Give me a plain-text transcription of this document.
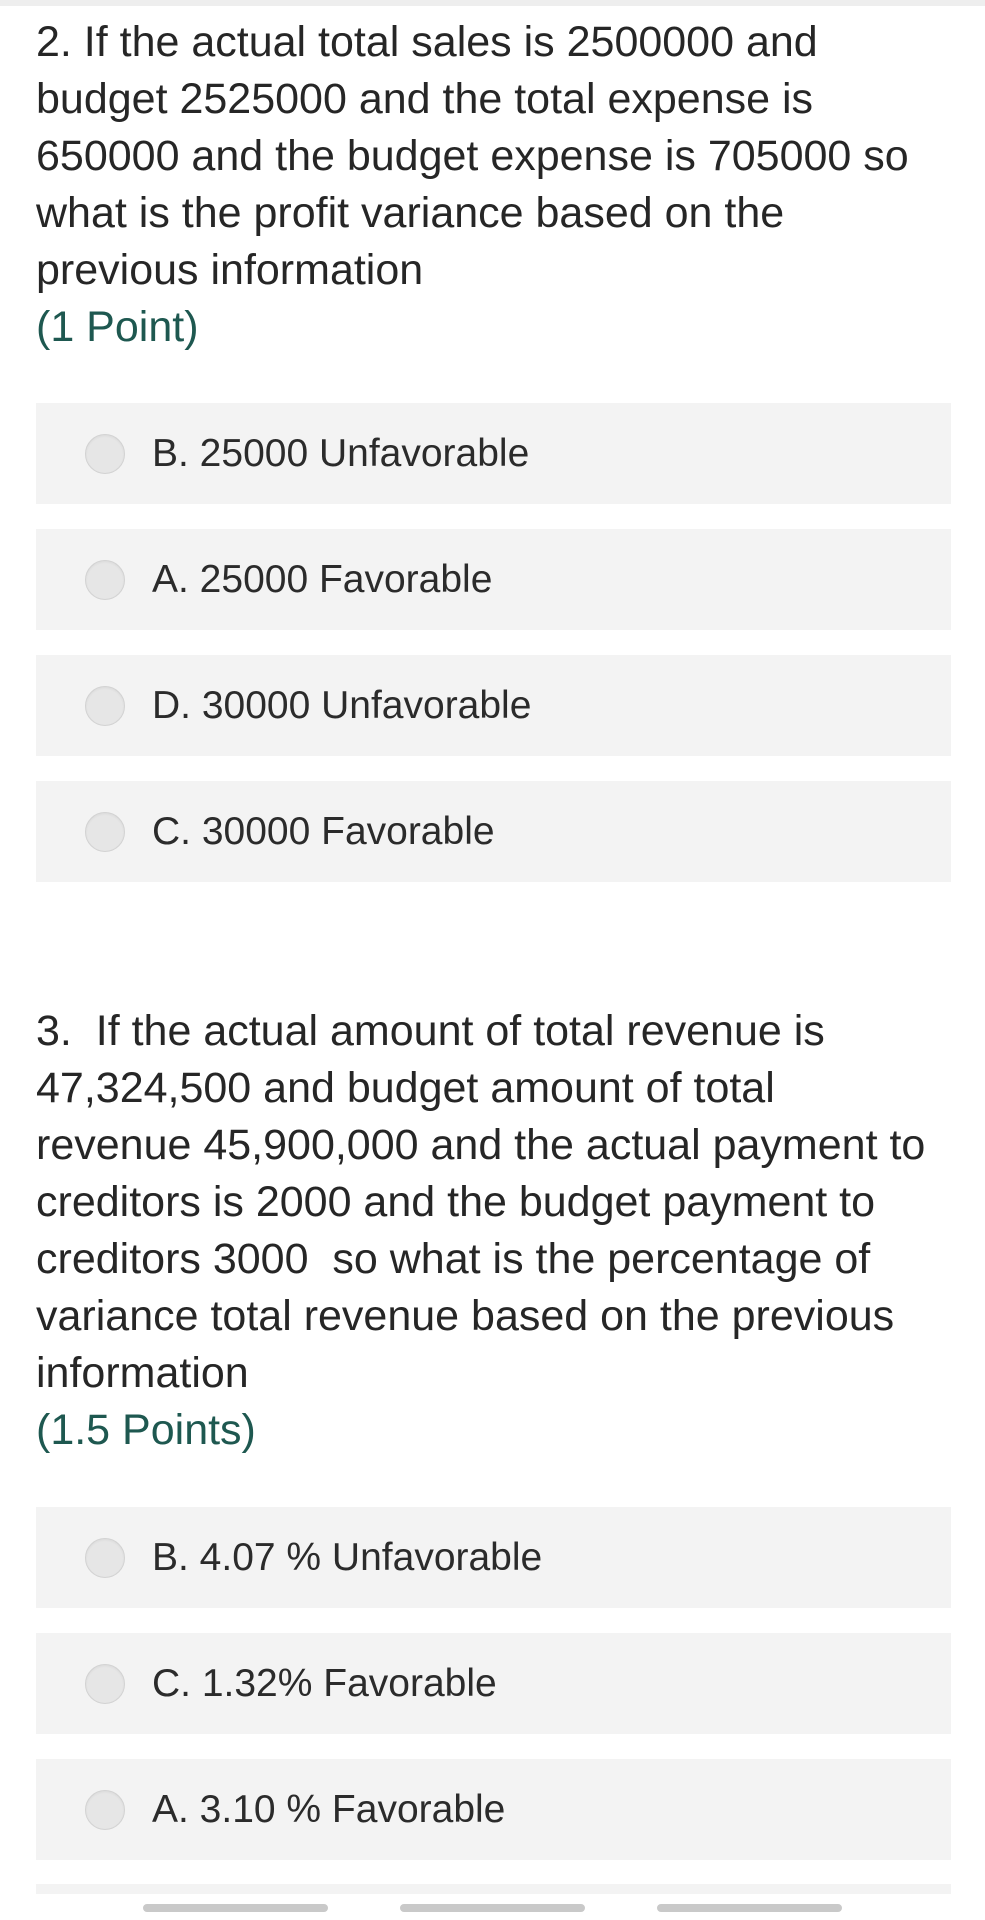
2. If the actual total sales is 2500000 and budget 2525000 and the total expense is 650000 and the budget expense is 705000 so what is the profit variance based on the previous information

(1 Point)

B. 25000 Unfavorable
A. 25000 Favorable
D. 30000 Unfavorable
C. 30000 Favorable

3.  If the actual amount of total revenue is 47,324,500 and budget amount of total revenue 45,900,000 and the actual payment to creditors is 2000 and the budget payment to creditors 3000  so what is the percentage of variance total revenue based on the previous information

(1.5 Points)

B. 4.07 % Unfavorable
C. 1.32% Favorable
A. 3.10 % Favorable
